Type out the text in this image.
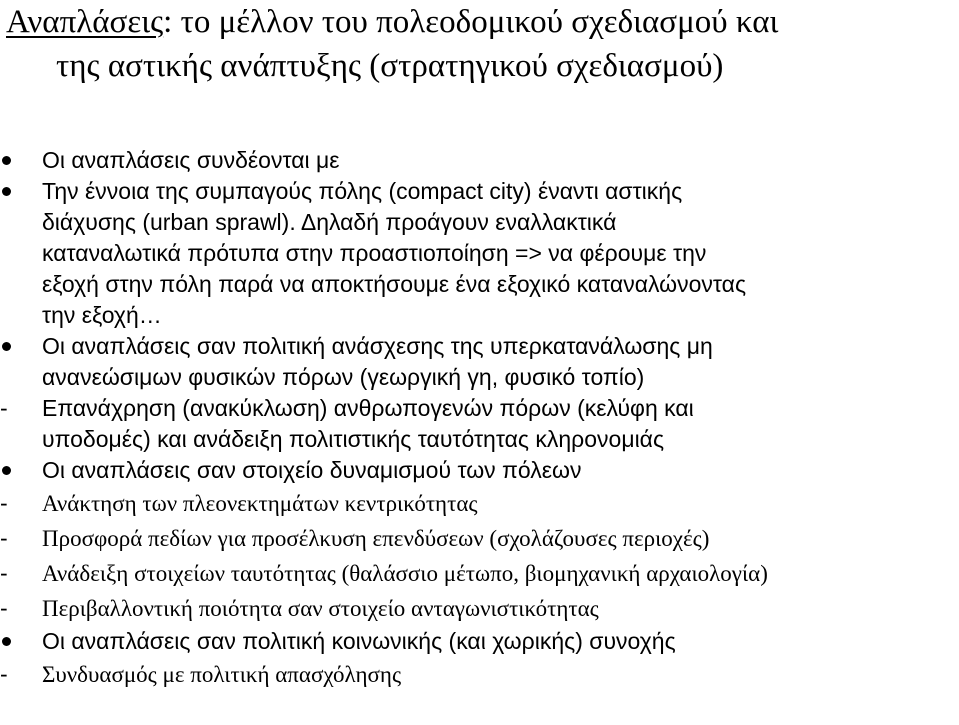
Αναπλάσεις: το μέλλον του πολεοδομικού σχεδιασμού και
της αστικής ανάπτυξης (στρατηγικού σχεδιασμού)
Οι αναπλάσεις συνδέονται με
Την έννοια της συμπαγούς πόλης (compact city) έναντι αστικής
διάχυσης (urban sprawl). Δηλαδή προάγουν εναλλακτικά
καταναλωτικά πρότυπα στην προαστιοποίηση => να φέρουμε την
εξοχή στην πόλη παρά να αποκτήσουμε ένα εξοχικό καταναλώνοντας
την εξοχή…
Οι αναπλάσεις σαν πολιτική ανάσχεσης της υπερκατανάλωσης μη
ανανεώσιμων φυσικών πόρων (γεωργική γη, φυσικό τοπίο)
-	Επανάχρηση (ανακύκλωση) ανθρωπογενών πόρων (κελύφη και
υποδομές) και ανάδειξη πολιτιστικής ταυτότητας κληρονομιάς
Οι αναπλάσεις σαν στοιχείο δυναμισμού των πόλεων
-	Ανάκτηση των πλεονεκτημάτων κεντρικότητας
-	Προσφορά πεδίων για προσέλκυση επενδύσεων (σχολάζουσες περιοχές)
-	Ανάδειξη στοιχείων ταυτότητας (θαλάσσιο μέτωπο, βιομηχανική αρχαιολογία)
-	Περιβαλλοντική ποιότητα σαν στοιχείο ανταγωνιστικότητας
Οι αναπλάσεις σαν πολιτική κοινωνικής (και χωρικής) συνοχής
-	Συνδυασμός με πολιτική απασχόλησης
